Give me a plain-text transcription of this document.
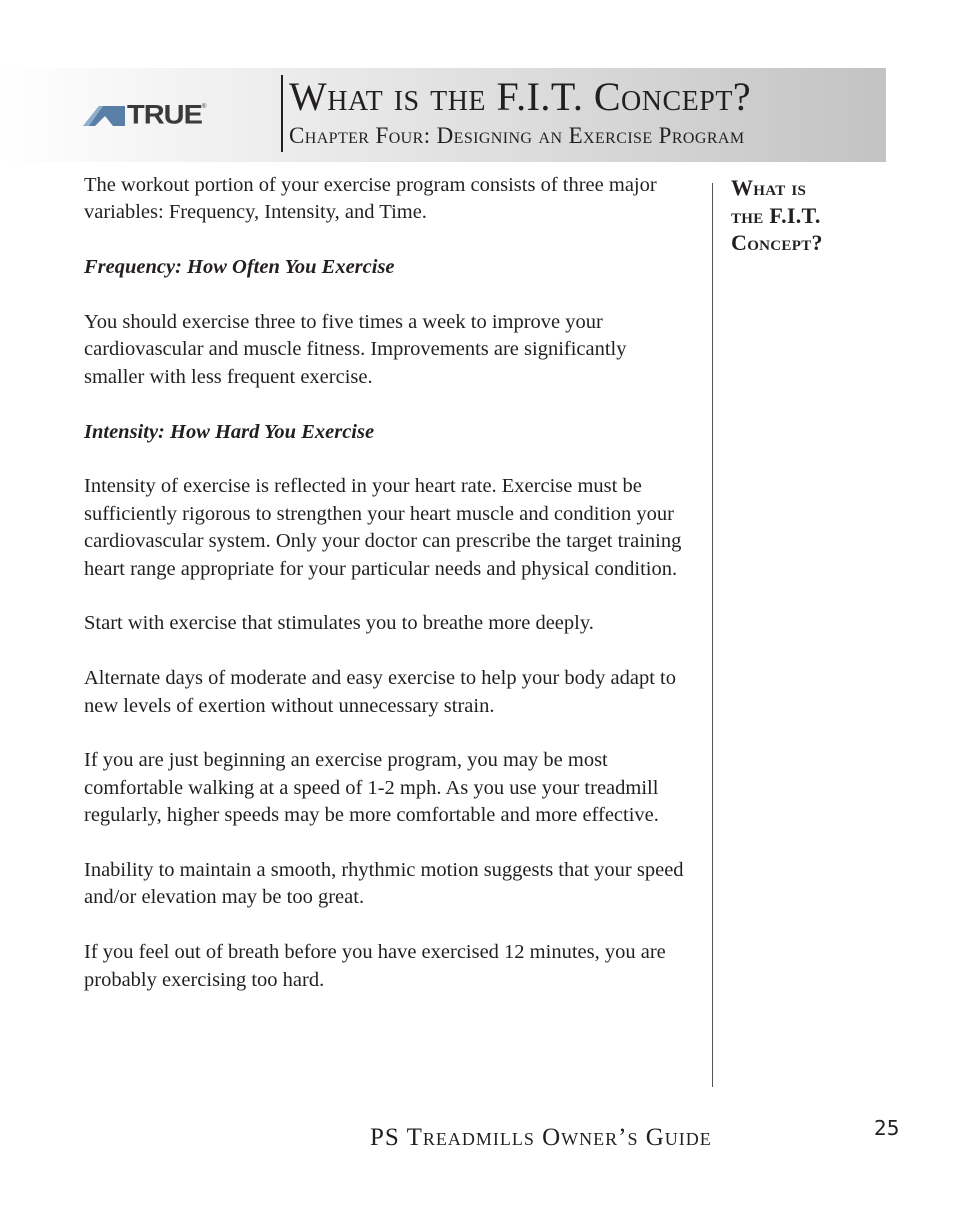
TRUE ® What is the F.I.T. Concept?
Chapter Four: Designing an Exercise Program

The workout portion of your exercise program consists of three major variables: Frequency, Intensity, and Time.

Frequency: How Often You Exercise

You should exercise three to five times a week to improve your cardiovascular and muscle fitness. Improvements are significantly smaller with less frequent exercise.

Intensity: How Hard You Exercise

Intensity of exercise is reflected in your heart rate. Exercise must be sufficiently rigorous to strengthen your heart muscle and condition your cardiovascular system. Only your doctor can prescribe the target training heart range appropriate for your particular needs and physical condition.

Start with exercise that stimulates you to breathe more deeply.

Alternate days of moderate and easy exercise to help your body adapt to new levels of exertion without unnecessary strain.

If you are just beginning an exercise program, you may be most comfortable walking at a speed of 1-2 mph. As you use your treadmill regularly, higher speeds may be more comfortable and more effective.

Inability to maintain a smooth, rhythmic motion suggests that your speed and/or elevation may be too great.

If you feel out of breath before you have exercised 12 minutes, you are probably exercising too hard.

What is
the F.I.T.
Concept?
PS Treadmills Owner’s Guide	25
